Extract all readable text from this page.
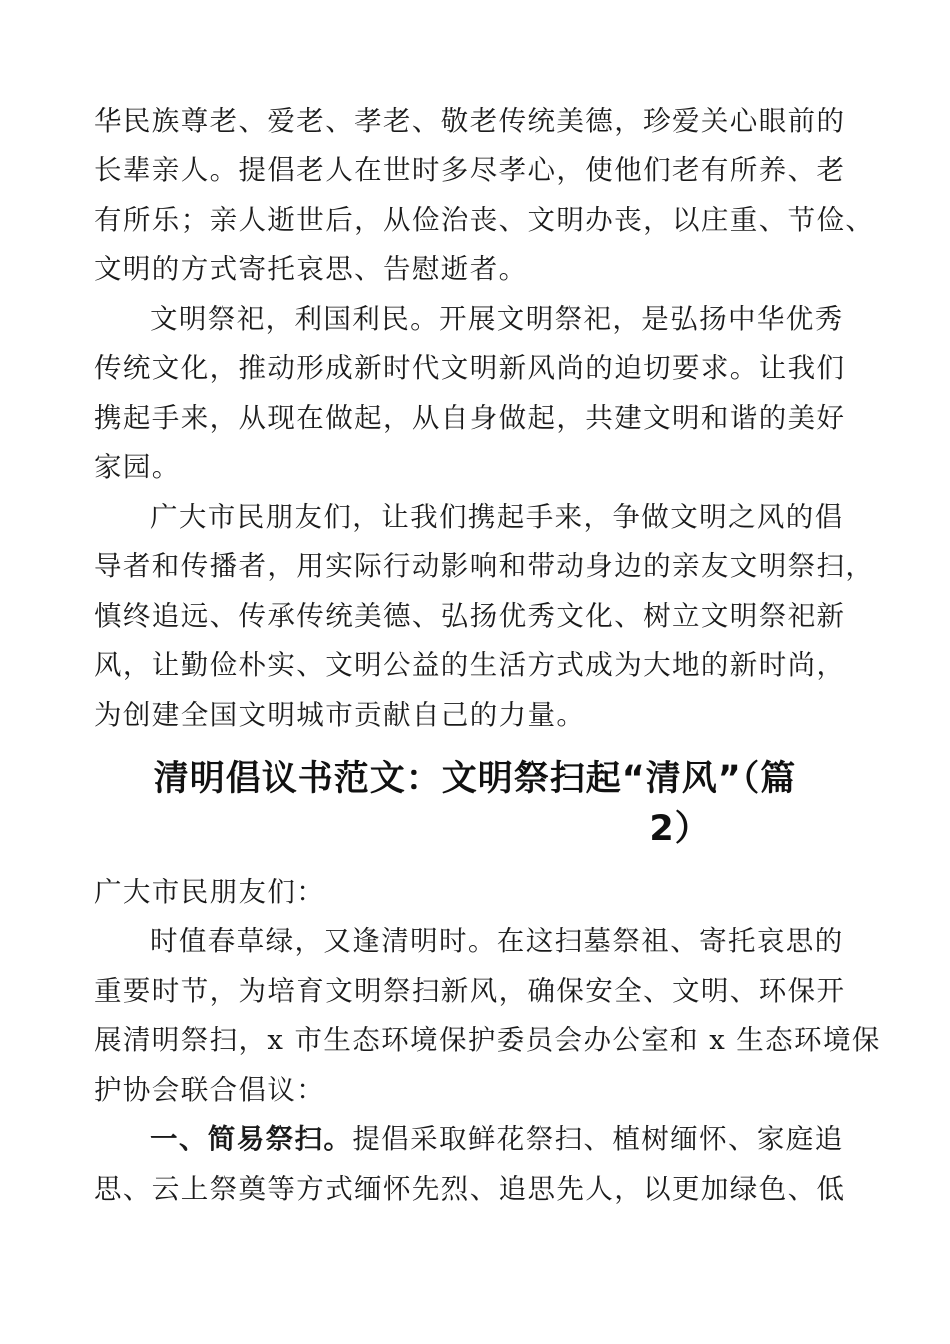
华民族尊老、爱老、孝老、敬老传统美德，珍爱关心眼前的

长辈亲人。提倡老人在世时多尽孝心，使他们老有所养、老

有所乐；亲人逝世后，从俭治丧、文明办丧，以庄重、节俭、

文明的方式寄托哀思、告慰逝者。

文明祭祀，利国利民。开展文明祭祀，是弘扬中华优秀

传统文化，推动形成新时代文明新风尚的迫切要求。让我们

携起手来，从现在做起，从自身做起，共建文明和谐的美好

家园。

广大市民朋友们，让我们携起手来，争做文明之风的倡

导者和传播者，用实际行动影响和带动身边的亲友文明祭扫，

慎终追远、传承传统美德、弘扬优秀文化、树立文明祭祀新

风，让勤俭朴实、文明公益的生活方式成为大地的新时尚，

为创建全国文明城市贡献自己的力量。

清明倡议书范文：文明祭扫起“清风”（篇
2）

广大市民朋友们：

时值春草绿，又逢清明时。在这扫墓祭祖、寄托哀思的

重要时节，为培育文明祭扫新风，确保安全、文明、环保开

展清明祭扫，x 市生态环境保护委员会办公室和 x 生态环境保

护协会联合倡议：

一、简易祭扫。提倡采取鲜花祭扫、植树缅怀、家庭追

思、云上祭奠等方式缅怀先烈、追思先人，以更加绿色、低
